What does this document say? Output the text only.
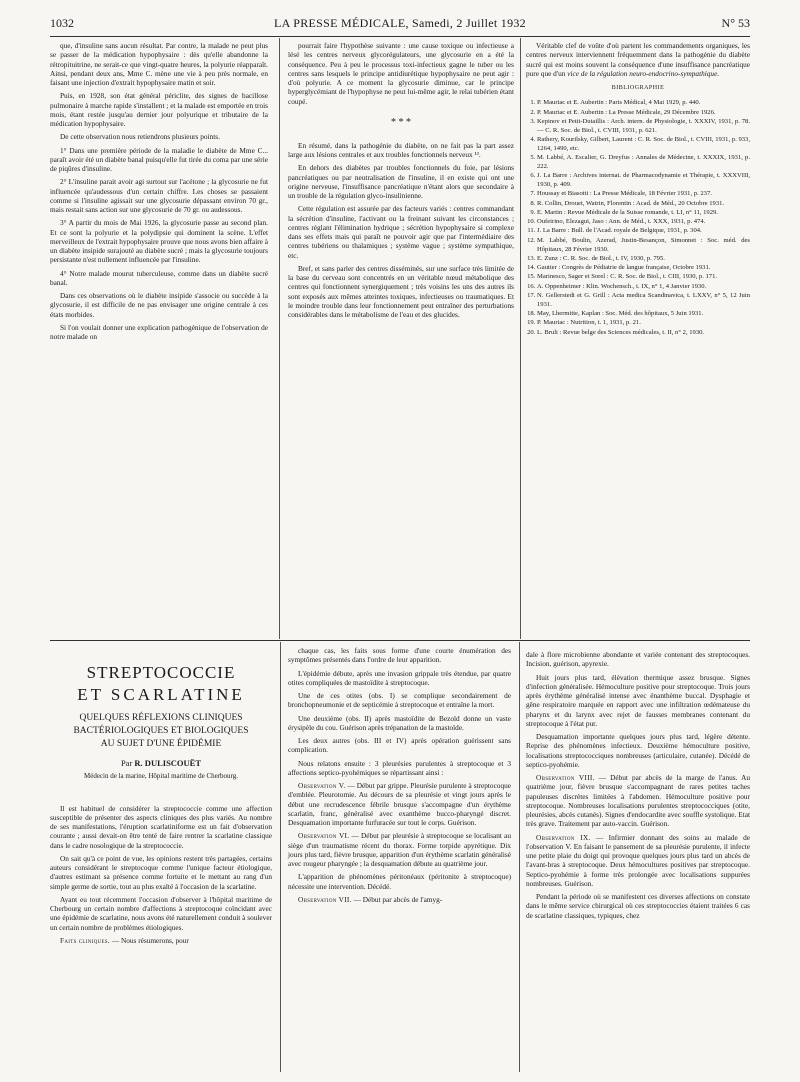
1032	LA PRESSE MÉDICALE, Samedi, 2 Juillet 1932	N° 53

que, d'insuline sans aucun résultat. Par contre, la malade ne peut plus se passer de la médication hypophysaire : dès qu'elle abandonne la rétropituitrine, ne serait-ce que vingt-quatre heures, la polyurie réapparaît. Ainsi, pendant deux ans, Mme C. mène une vie à peu près normale, en faisant une injection d'extrait hypophysaire matin et soir.

Puis, en 1928, son état général périclite, des signes de bacillose pulmonaire à marche rapide s'installent ; et la malade est emportée en trois mois, étant restée jusqu'au dernier jour polyurique et tributaire de la médication hypophysaire.

De cette observation nous retiendrons plusieurs points.

1° Dans une première période de la maladie le diabète de Mme C... paraît avoir été un diabète banal puisqu'elle fut tirée du coma par une série de piqûres d'insuline.

2° L'insuline parait avoir agi surtout sur l'acétone ; la glycosurie ne fut influencée qu'audessous d'un certain chiffre. Les choses se passaient comme si l'insuline agissait sur une glycosurie dépassant environ 70 gr., mais restait sans action sur une glycosurie de 70 gr. ou audessous.

3° A partir du mois de Mai 1926, la glycosurie passe au second plan. Et ce sont la polyurie et la polydipsie qui dominent la scène. L'effet merveilleux de l'extrait hypophysaire prouve que nous avons bien affaire à un diabète insipide surajouté au diabète sucré ; mais la glycosurie toujours persistante n'est nullement influencée par l'insuline.

4° Notre malade mourut tuberculeuse, comme dans un diabète sucré banal.

Dans ces observations où le diabète insipide s'associe ou succède à la glycosurie, il est difficile de ne pas envisager une origine centrale à ces états morbides.

Si l'on voulait donner une explication pathogénique de l'observation de notre malade on

pourrait faire l'hypothèse suivante : une cause toxique ou infectieuse a lésé les centres nerveux glycorégulateurs, une glycosurie en a été la conséquence. Peu à peu le processus toxi-infectieux gagne le tuber ou les centres sans lesquels le principe antidiurétique hypophysaire ne peut agir : d'où polyurie. A ce moment la glycosurie diminue, car le principe hyperglycémiant de l'hypophyse ne peut lui-même agir, le relai tubérien étant coupé.

* * *

En résumé, dans la pathogénie du diabète, on ne fait pas la part assez large aux lésions centrales et aux troubles fonctionnels nerveux ¹³.

En dehors des diabètes par troubles fonctionnels du foie, par lésions pancréatiques ou par neutralisation de l'insuline, il en existe qui ont une origine nerveuse, l'insuffisance pancréatique n'étant alors que secondaire à un trouble de la régulation glyco-insulinienne.

Cette régulation est assurée par des facteurs variés : centres commandant la sécrétion d'insuline, l'activant ou la freinant suivant les circonstances ; centres réglant l'élimination hydrique ; sécrétion hypophysaire si complexe dans ses effets mais qui paraît ne pouvoir agir que par l'intermédiaire des centres tubériens ou thalamiques ; système vague ; système sympathique, etc.

Bref, et sans parler des centres disséminés, sur une surface très limitée de la base du cerveau sont concentrés en un véritable nœud métabolique des centres qui fonctionnent synergiquement ; très voisins les uns des autres ils sont exposés aux mêmes atteintes toxiques, infectieuses ou traumatiques. Et le moindre trouble dans leur fonctionnement peut entraîner des perturbations considérables dans le métabolisme de l'eau et des glucides.

Véritable clef de voûte d'où partent les commandements organiques, les centres nerveux interviennent fréquemment dans la pathogénie du diabète sucré qui est moins souvent la conséquence d'une insuffisance pancréatique pure que d'un vice de la régulation neuro-endocrino-sympathique.

BIBLIOGRAPHIE
1. P. Mauriac et E. Aubertin : Paris Médical, 4 Mai 1929, p. 440.
2. P. Mauriac et E. Aubertin : La Presse Médicale, 29 Décembre 1926.
3. Kepinov et Petit-Dutaillis : Arch. intern. de Physiologie, t. XXXIV, 1931, p. 78. — C. R. Soc. de Biol., t. CVIII, 1931, p. 621.
4. Rathery, Kourilsky, Gilbert, Laurent : C. R. Soc. de Biol., t. CVIII, 1931, p. 933, 1264, 1490, etc.
5. M. Labbé, A. Escalier, G. Dreyfus : Annales de Médecine, t. XXXIX, 1931, p. 222.
6. J. La Barre : Archives internat. de Pharmacodynamie et Thérapie, t. XXXVIII, 1930, p. 409.
7. Houssay et Biasotti : La Presse Médicale, 18 Février 1931, p. 237.
8. R. Collin, Drouet, Watrin, Florentin : Acad. de Méd., 20 Octobre 1931.
9. E. Martin : Revue Médicale de la Suisse romande, t. LI, n° 11, 1929.
10. Oufeirino, Elezagui, Jaso : Ann. de Méd., t. XXX, 1931, p. 474.
11. J. La Barre : Bull. de l'Acad. royale de Belgique, 1931, p. 304.
12. M. Labbé, Boulin, Azerad, Justin-Besançon, Simonnet : Soc. méd. des Hôpitaux, 28 Février 1930.
13. E. Zunz : C. R. Soc. de Biol., t. IV, 1930, p. 795.
14. Gautier : Congrès de Pédiatrie de langue française, Octobre 1931.
15. Marinesco, Sager et Sorel : C. R. Soc. de Biol., t. CIII, 1930, p. 171.
16. A. Oppenheimer : Klin. Wochensch., t. IX, n° 1, 4 Janvier 1930.
17. N. Gellerstedt et G. Grill : Acta medica Scandinavica, t. LXXV, n° 5, 12 Juin 1931.
18. May, Lhermitte, Kaplan : Soc. Méd. des hôpitaux, 5 Juin 1931.
19. P. Mauriac : Nutrition, t. 1, 1931, p. 21.
20. L. Bruli : Revue belge des Sciences médicales, t. II, n° 2, 1930.
STREPTOCOCCIE
ET SCARLATINE
QUELQUES RÉFLEXIONS CLINIQUES
BACTÉRIOLOGIQUES ET BIOLOGIQUES
AU SUJET D'UNE ÉPIDÉMIE
Par R. DULISCOUËT
Médecin de la marine, Hôpital maritime de Cherbourg.

Il est habituel de considérer la streptococcie comme une affection susceptible de présenter des aspects cliniques des plus variés. Au nombre de ses manifestations, l'éruption scarlatiniforme est un fait d'observation courante ; aussi devait-on être tenté de faire rentrer la scarlatine classique dans le cadre nosologique de la streptococcie.

On sait qu'à ce point de vue, les opinions restent très partagées, certains auteurs considérant le streptocoque comme l'unique facteur étiologique, d'autres estimant sa présence comme fortuite et le mettant au rang d'un simple germe de sortie, tout au plus exalté à l'occasion de la scarlatine.

Ayant eu tout récemment l'occasion d'observer à l'hôpital maritime de Cherbourg un certain nombre d'affections à streptocoque coïncidant avec une épidémie de scarlatine, nous avons été naturellement conduit à soulever un certain nombre de problèmes étiologiques.

Faits cliniques. — Nous résumerons, pour

chaque cas, les faits sous forme d'une courte énumération des symptômes présentés dans l'ordre de leur apparition.

L'épidémie débute, après une invasion grippale très étendue, par quatre otites compliquées de mastoïdite à streptocoque.

Une de ces otites (obs. I) se complique secondairement de bronchopneumonie et de septicémie à streptocoque et entraîne la mort.

Une deuxième (obs. II) après mastoïdite de Bezold donne un vaste érysipèle du cou. Guérison après trépanation de la mastoïde.

Les deux autres (obs. III et IV) après opération guérissent sans complication.

Nous relatons ensuite : 3 pleurésies purulentes à streptocoque et 3 affections septico-pyohémiques se répartissant ainsi :

Observation V. — Début par grippe. Pleurésie purulente à streptocoque d'emblée. Pleurotomie. Au décours de sa pleurésie et vingt jours après le début une recrudescence fébrile brusque s'accompagne d'un érythème scarlatin, franc, généralisé avec exanthème bucco-pharyngé discret. Desquamation importante furfuracée sur tout le corps. Guérison.

Observation VI. — Début par pleurésie à streptocoque se localisant au siège d'un traumatisme récent du thorax. Forme torpide apyrétique. Dix jours plus tard, fièvre brusque, apparition d'un érythème scarlatin généralisé avec rougeur pharyngée ; la desquamation débute au quatrième jour.

L'apparition de phénomènes péritonéaux (péritonite à streptocoque) nécessite une intervention. Décédé.

Observation VII. — Début par abcès de l'amyg-

dale à flore microbienne abondante et variée contenant des streptocoques. Incision, guérison, apyrexie.

Huit jours plus tard, élévation thermique assez brusque. Signes d'infection généralisée. Hémoculture positive pour streptocoque. Trois jours après érythème généralisé intense avec énanthème buccal. Dysphagie et gêne respiratoire marquée en rapport avec une infiltration œdémateuse du pharynx et du larynx avec rejet de fausses membranes contenant du streptocoque à l'état pur.

Desquamation importante quelques jours plus tard, légère détente. Reprise des phénomènes infectieux. Deuxième hémoculture positive, localisations streptococciques nombreuses (articulaire, cutanée). Décédé de septico-pyohémie.

Observation VIII. — Début par abcès de la marge de l'anus. Au quatrième jour, fièvre brusque s'accompagnant de rares petites taches papuleuses discrètes limitées à l'abdomen. Hémoculture positive pour streptocoque. Nombreuses localisations purulentes streptococciques (otite, pleurésies, abcès cutanés). Signes d'endocardite avec souffle systolique. Etat très grave. Traitement par auto-vaccin. Guérison.

Observation IX. — Infirmier donnant des soins au malade de l'observation V. En faisant le pansement de sa pleurésie purulente, il infecte une petite plaie du doigt qui provoque quelques jours plus tard un abcès de l'avant-bras à streptocoque. Deux hémocultures positives par streptocoque. Septico-pyohémie à forme très prolongée avec localisations suppurées nombreuses. Guérison.

Pendant la période où se manifestent ces diverses affections on constate dans le même service chirurgical où ces streptococcies étaient traitées 6 cas de scarlatine classiques, typiques, chez
